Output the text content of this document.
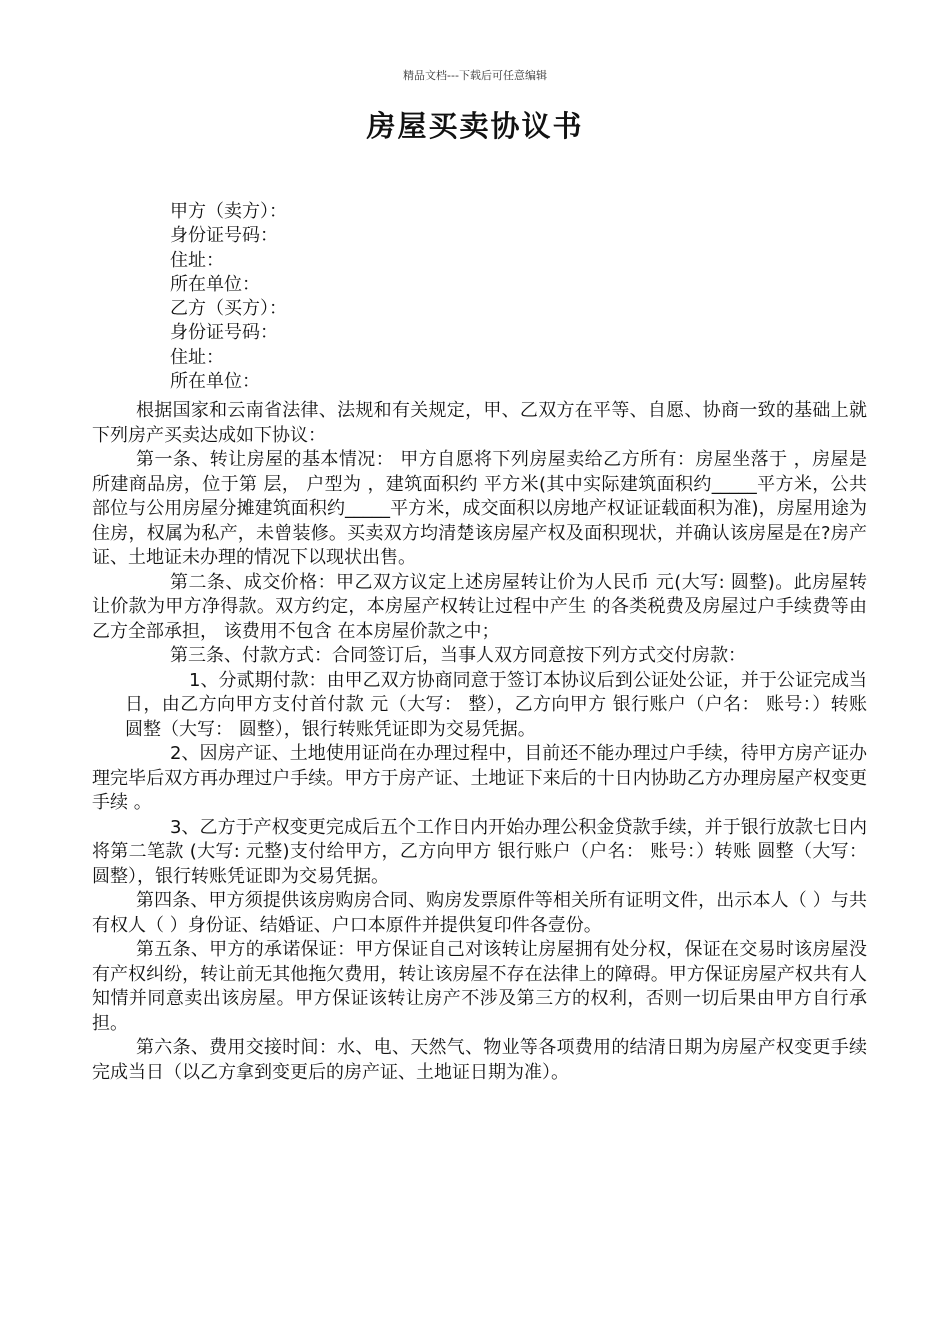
精品文档---下载后可任意编辑
房屋买卖协议书
甲方（卖方）：
身份证号码：
住址：
所在单位：
乙方（买方）：
身份证号码：
住址：
所在单位：

根据国家和云南省法律、法规和有关规定，甲、乙双方在平等、自愿、协商一致的基础上就下列房产买卖达成如下协议：

第一条、转让房屋的基本情况： 甲方自愿将下列房屋卖给乙方所有：房屋坐落于 ，房屋是 所建商品房，位于第 层， 户型为 ，建筑面积约 平方米(其中实际建筑面积约_____平方米，公共部位与公用房屋分摊建筑面积约_____平方米，成交面积以房地产权证证载面积为准)，房屋用途为住房，权属为私产，未曾装修。买卖双方均清楚该房屋产权及面积现状，并确认该房屋是在?房产证、土地证未办理的情况下以现状出售。

第二条、成交价格：甲乙双方议定上述房屋转让价为人民币 元(大写: 圆整)。此房屋转让价款为甲方净得款。双方约定，本房屋产权转让过程中产生 的各类税费及房屋过户手续费等由乙方全部承担， 该费用不包含 在本房屋价款之中；

第三条、付款方式：合同签订后，当事人双方同意按下列方式交付房款：

1、分贰期付款：由甲乙双方协商同意于签订本协议后到公证处公证，并于公证完成当日，由乙方向甲方支付首付款 元（大写： 整），乙方向甲方 银行账户（户名： 账号：）转账 圆整（大写： 圆整），银行转账凭证即为交易凭据。

2、因房产证、土地使用证尚在办理过程中，目前还不能办理过户手续，待甲方房产证办理完毕后双方再办理过户手续。甲方于房产证、土地证下来后的十日内协助乙方办理房屋产权变更手续 。

3、乙方于产权变更完成后五个工作日内开始办理公积金贷款手续，并于银行放款七日内将第二笔款 (大写: 元整)支付给甲方，乙方向甲方 银行账户（户名： 账号：）转账 圆整（大写： 圆整），银行转账凭证即为交易凭据。

第四条、甲方须提供该房购房合同、购房发票原件等相关所有证明文件，出示本人（ ）与共有权人（ ）身份证、结婚证、户口本原件并提供复印件各壹份。

第五条、甲方的承诺保证：甲方保证自己对该转让房屋拥有处分权，保证在交易时该房屋没有产权纠纷，转让前无其他拖欠费用，转让该房屋不存在法律上的障碍。甲方保证房屋产权共有人知情并同意卖出该房屋。甲方保证该转让房产不涉及第三方的权利，否则一切后果由甲方自行承担。

第六条、费用交接时间：水、电、天然气、物业等各项费用的结清日期为房屋产权变更手续完成当日（以乙方拿到变更后的房产证、土地证日期为准）。
